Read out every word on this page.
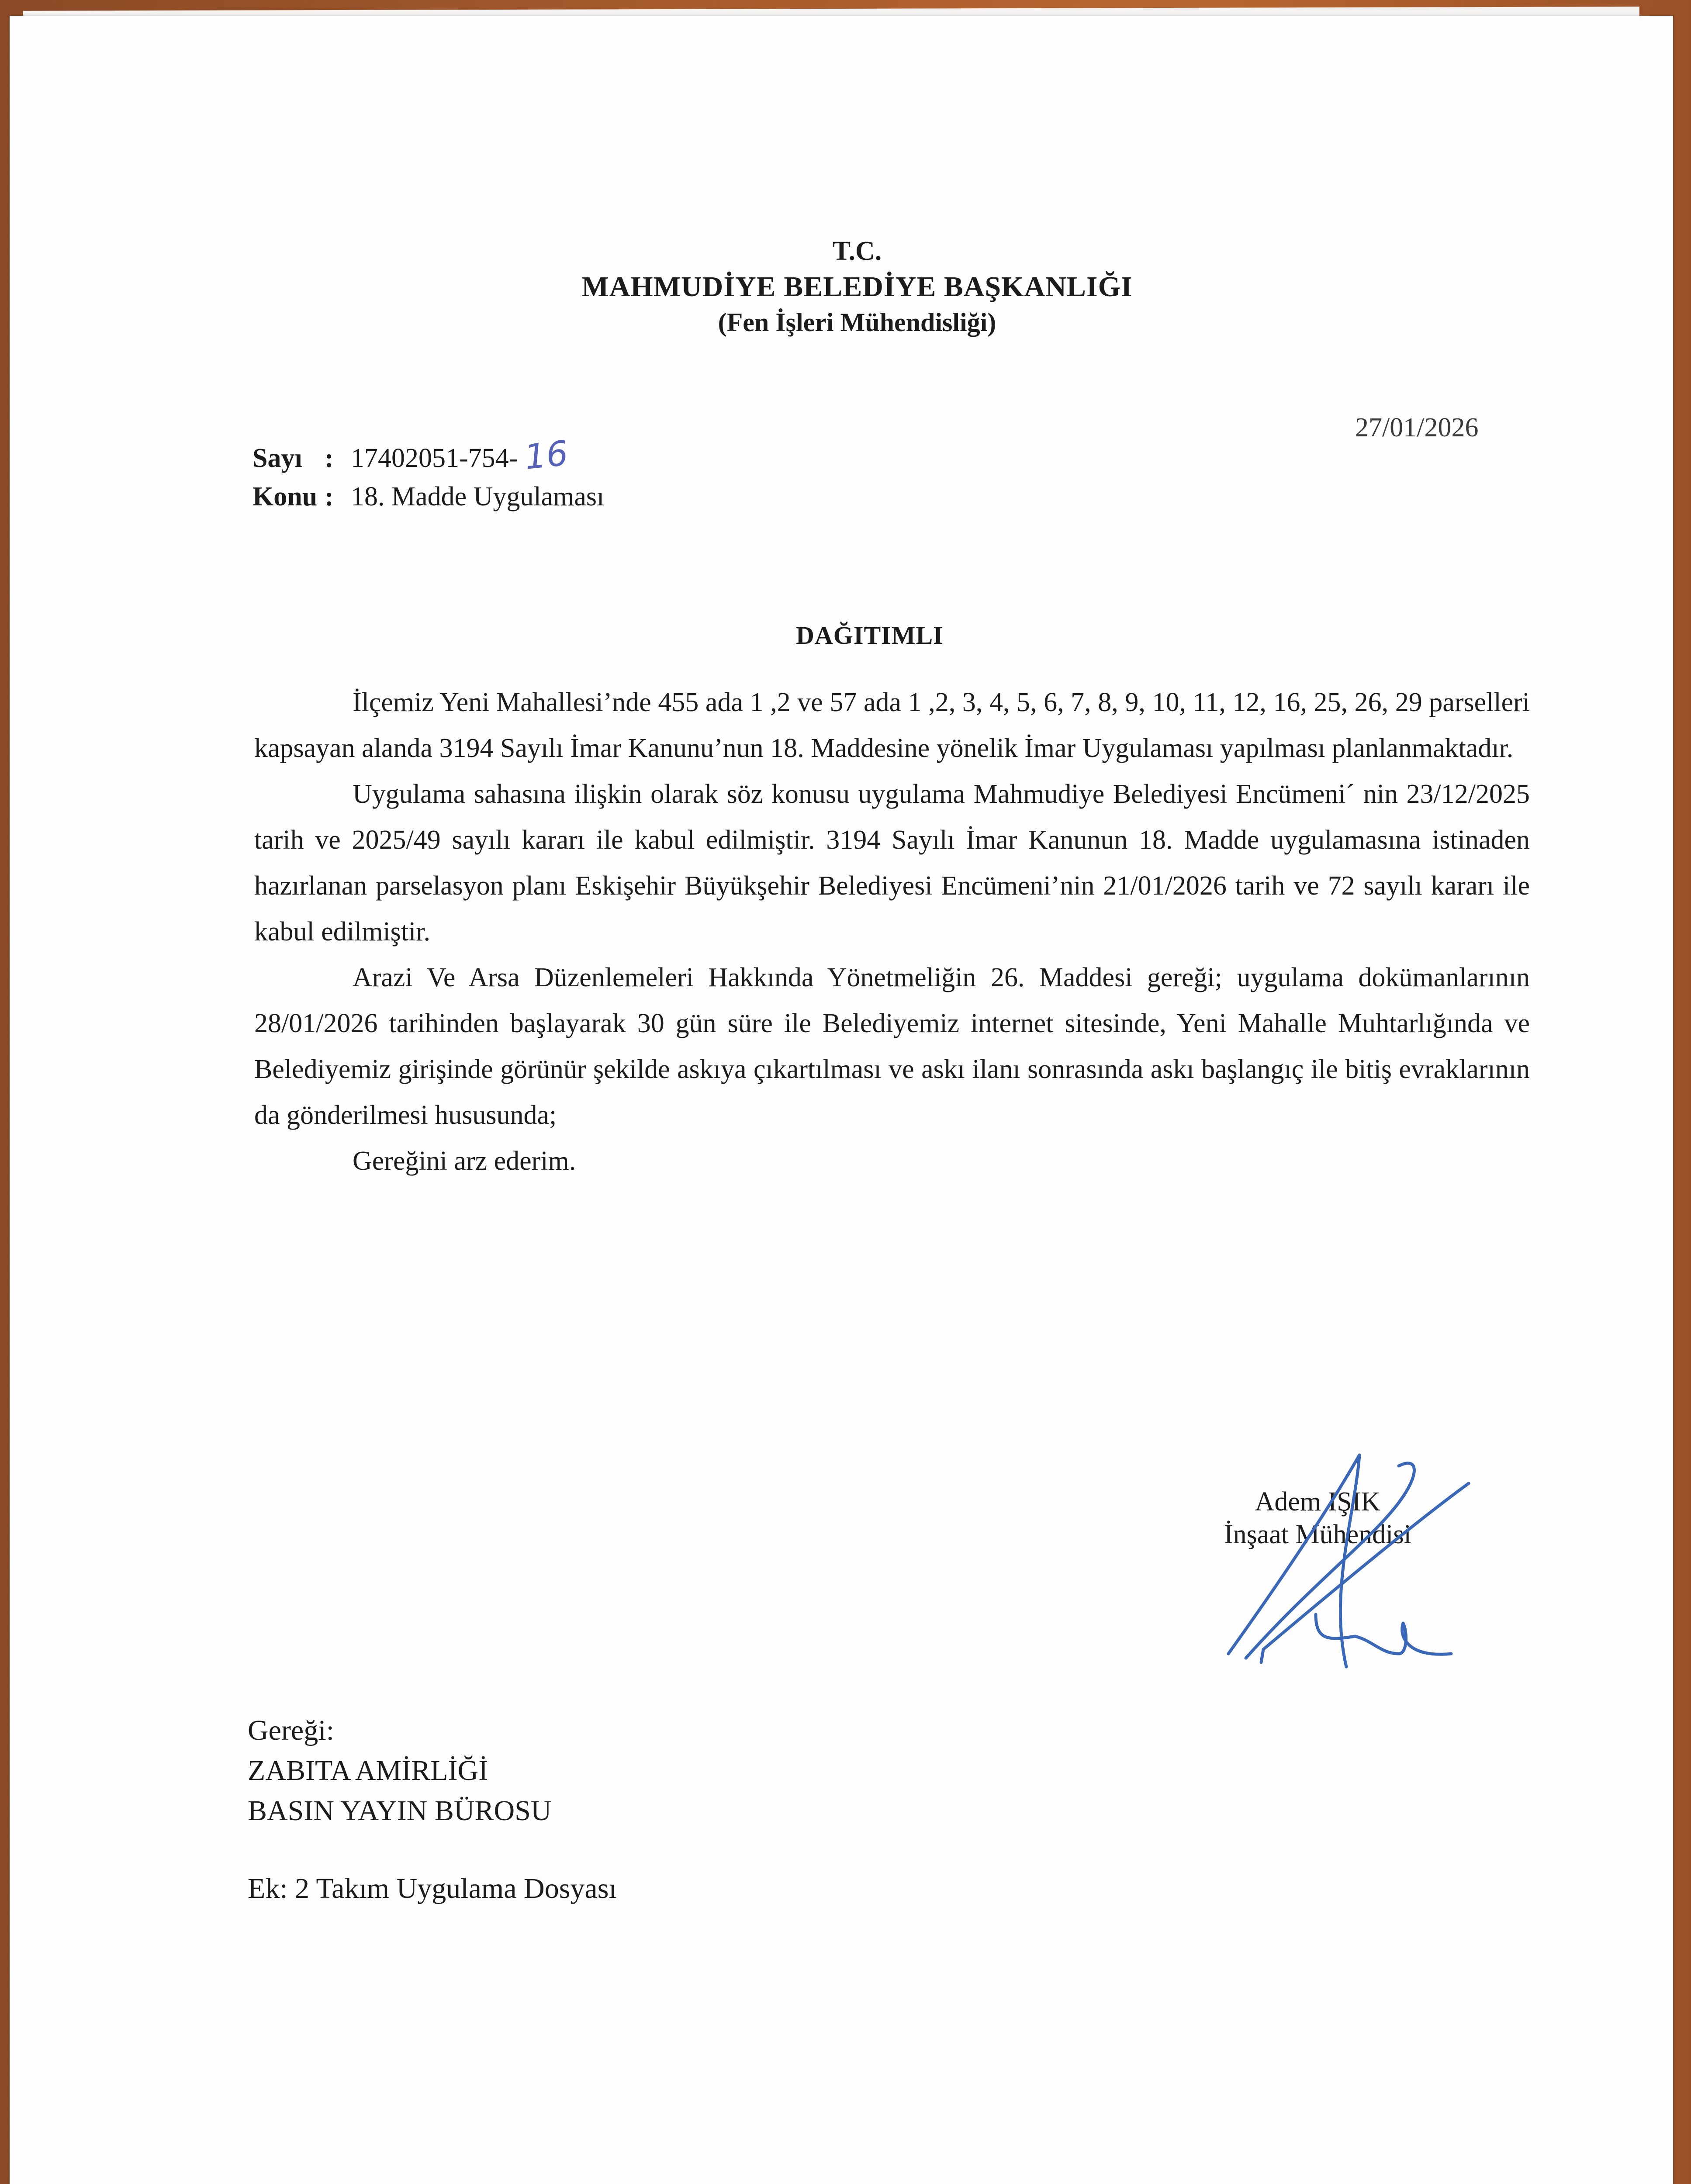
T.C.
MAHMUDİYE BELEDİYE BAŞKANLIĞI
(Fen İşleri Mühendisliği)
Sayı : 17402051-754- 16
Konu : 18. Madde Uygulaması
27/01/2026
DAĞITIMLI

İlçemiz Yeni Mahallesi’nde 455 ada 1 ,2 ve 57 ada 1 ,2, 3, 4, 5, 6, 7, 8, 9, 10, 11, 12, 16, 25, 26, 29 parselleri kapsayan alanda 3194 Sayılı İmar Kanunu’nun 18. Maddesine yönelik İmar Uygulaması yapılması planlanmaktadır.

Uygulama sahasına ilişkin olarak söz konusu uygulama Mahmudiye Belediyesi Encümeni´ nin 23/12/2025 tarih ve 2025/49 sayılı kararı ile kabul edilmiştir. 3194 Sayılı İmar Kanunun 18. Madde uygulamasına istinaden hazırlanan parselasyon planı Eskişehir Büyükşehir Belediyesi Encümeni’nin 21/01/2026 tarih ve 72 sayılı kararı ile kabul edilmiştir.

Arazi Ve Arsa Düzenlemeleri Hakkında Yönetmeliğin 26. Maddesi gereği; uygulama dokümanlarının 28/01/2026 tarihinden başlayarak 30 gün süre ile Belediyemiz internet sitesinde, Yeni Mahalle Muhtarlığında ve Belediyemiz girişinde görünür şekilde askıya çıkartılması ve askı ilanı sonrasında askı başlangıç ile bitiş evraklarının da gönderilmesi hususunda;

Gereğini arz ederim.

Adem IŞIK
İnşaat Mühendisi
Gereği:
ZABITA AMİRLİĞİ
BASIN YAYIN BÜROSU
Ek: 2 Takım Uygulama Dosyası
